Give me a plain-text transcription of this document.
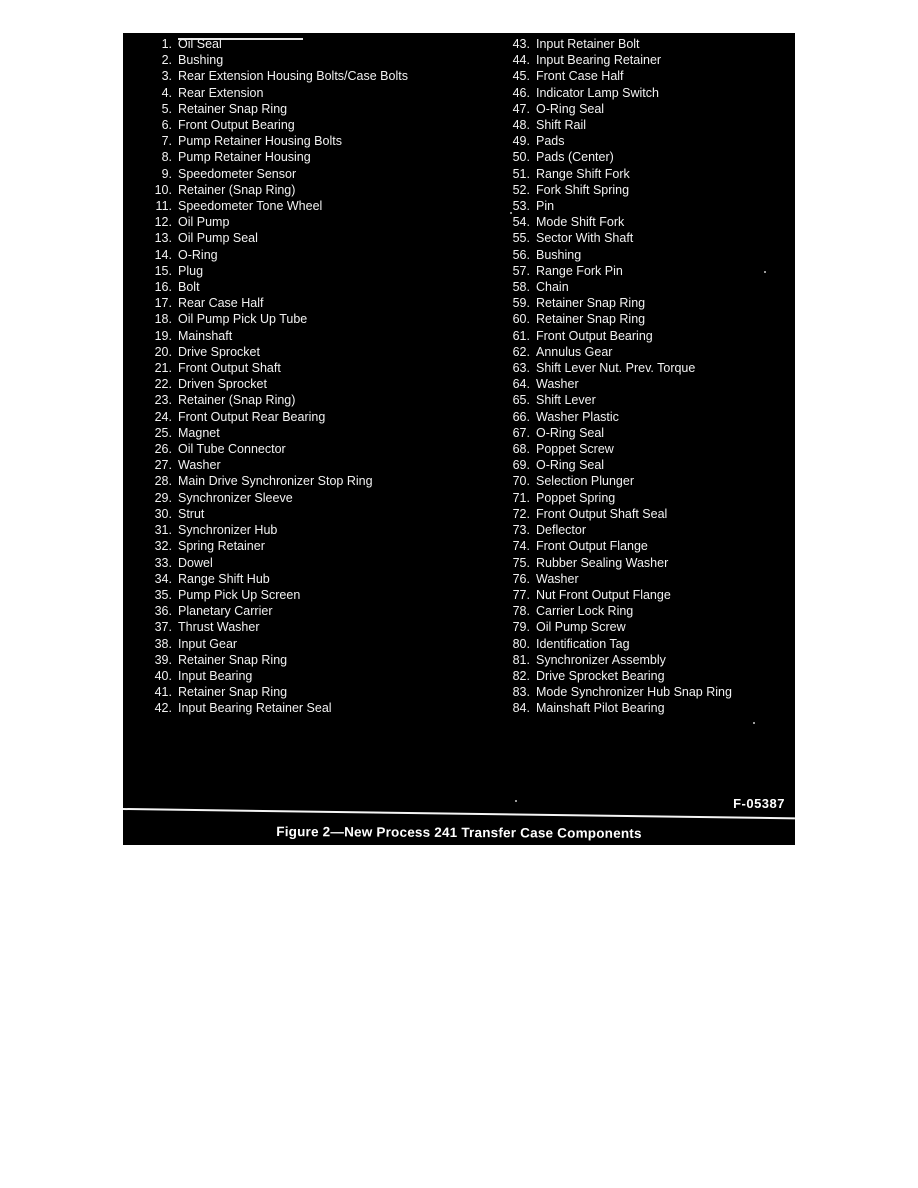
1. Oil Seal
2. Bushing
3. Rear Extension Housing Bolts/Case Bolts
4. Rear Extension
5. Retainer Snap Ring
6. Front Output Bearing
7. Pump Retainer Housing Bolts
8. Pump Retainer Housing
9. Speedometer Sensor
10. Retainer (Snap Ring)
11. Speedometer Tone Wheel
12. Oil Pump
13. Oil Pump Seal
14. O-Ring
15. Plug
16. Bolt
17. Rear Case Half
18. Oil Pump Pick Up Tube
19. Mainshaft
20. Drive Sprocket
21. Front Output Shaft
22. Driven Sprocket
23. Retainer (Snap Ring)
24. Front Output Rear Bearing
25. Magnet
26. Oil Tube Connector
27. Washer
28. Main Drive Synchronizer Stop Ring
29. Synchronizer Sleeve
30. Strut
31. Synchronizer Hub
32. Spring Retainer
33. Dowel
34. Range Shift Hub
35. Pump Pick Up Screen
36. Planetary Carrier
37. Thrust Washer
38. Input Gear
39. Retainer Snap Ring
40. Input Bearing
41. Retainer Snap Ring
42. Input Bearing Retainer Seal
43. Input Retainer Bolt
44. Input Bearing Retainer
45. Front Case Half
46. Indicator Lamp Switch
47. O-Ring Seal
48. Shift Rail
49. Pads
50. Pads (Center)
51. Range Shift Fork
52. Fork Shift Spring
53. Pin
54. Mode Shift Fork
55. Sector With Shaft
56. Bushing
57. Range Fork Pin
58. Chain
59. Retainer Snap Ring
60. Retainer Snap Ring
61. Front Output Bearing
62. Annulus Gear
63. Shift Lever Nut. Prev. Torque
64. Washer
65. Shift Lever
66. Washer Plastic
67. O-Ring Seal
68. Poppet Screw
69. O-Ring Seal
70. Selection Plunger
71. Poppet Spring
72. Front Output Shaft Seal
73. Deflector
74. Front Output Flange
75. Rubber Sealing Washer
76. Washer
77. Nut Front Output Flange
78. Carrier Lock Ring
79. Oil Pump Screw
80. Identification Tag
81. Synchronizer Assembly
82. Drive Sprocket Bearing
83. Mode Synchronizer Hub Snap Ring
84. Mainshaft Pilot Bearing
F-05387
Figure 2—New Process 241 Transfer Case Components
